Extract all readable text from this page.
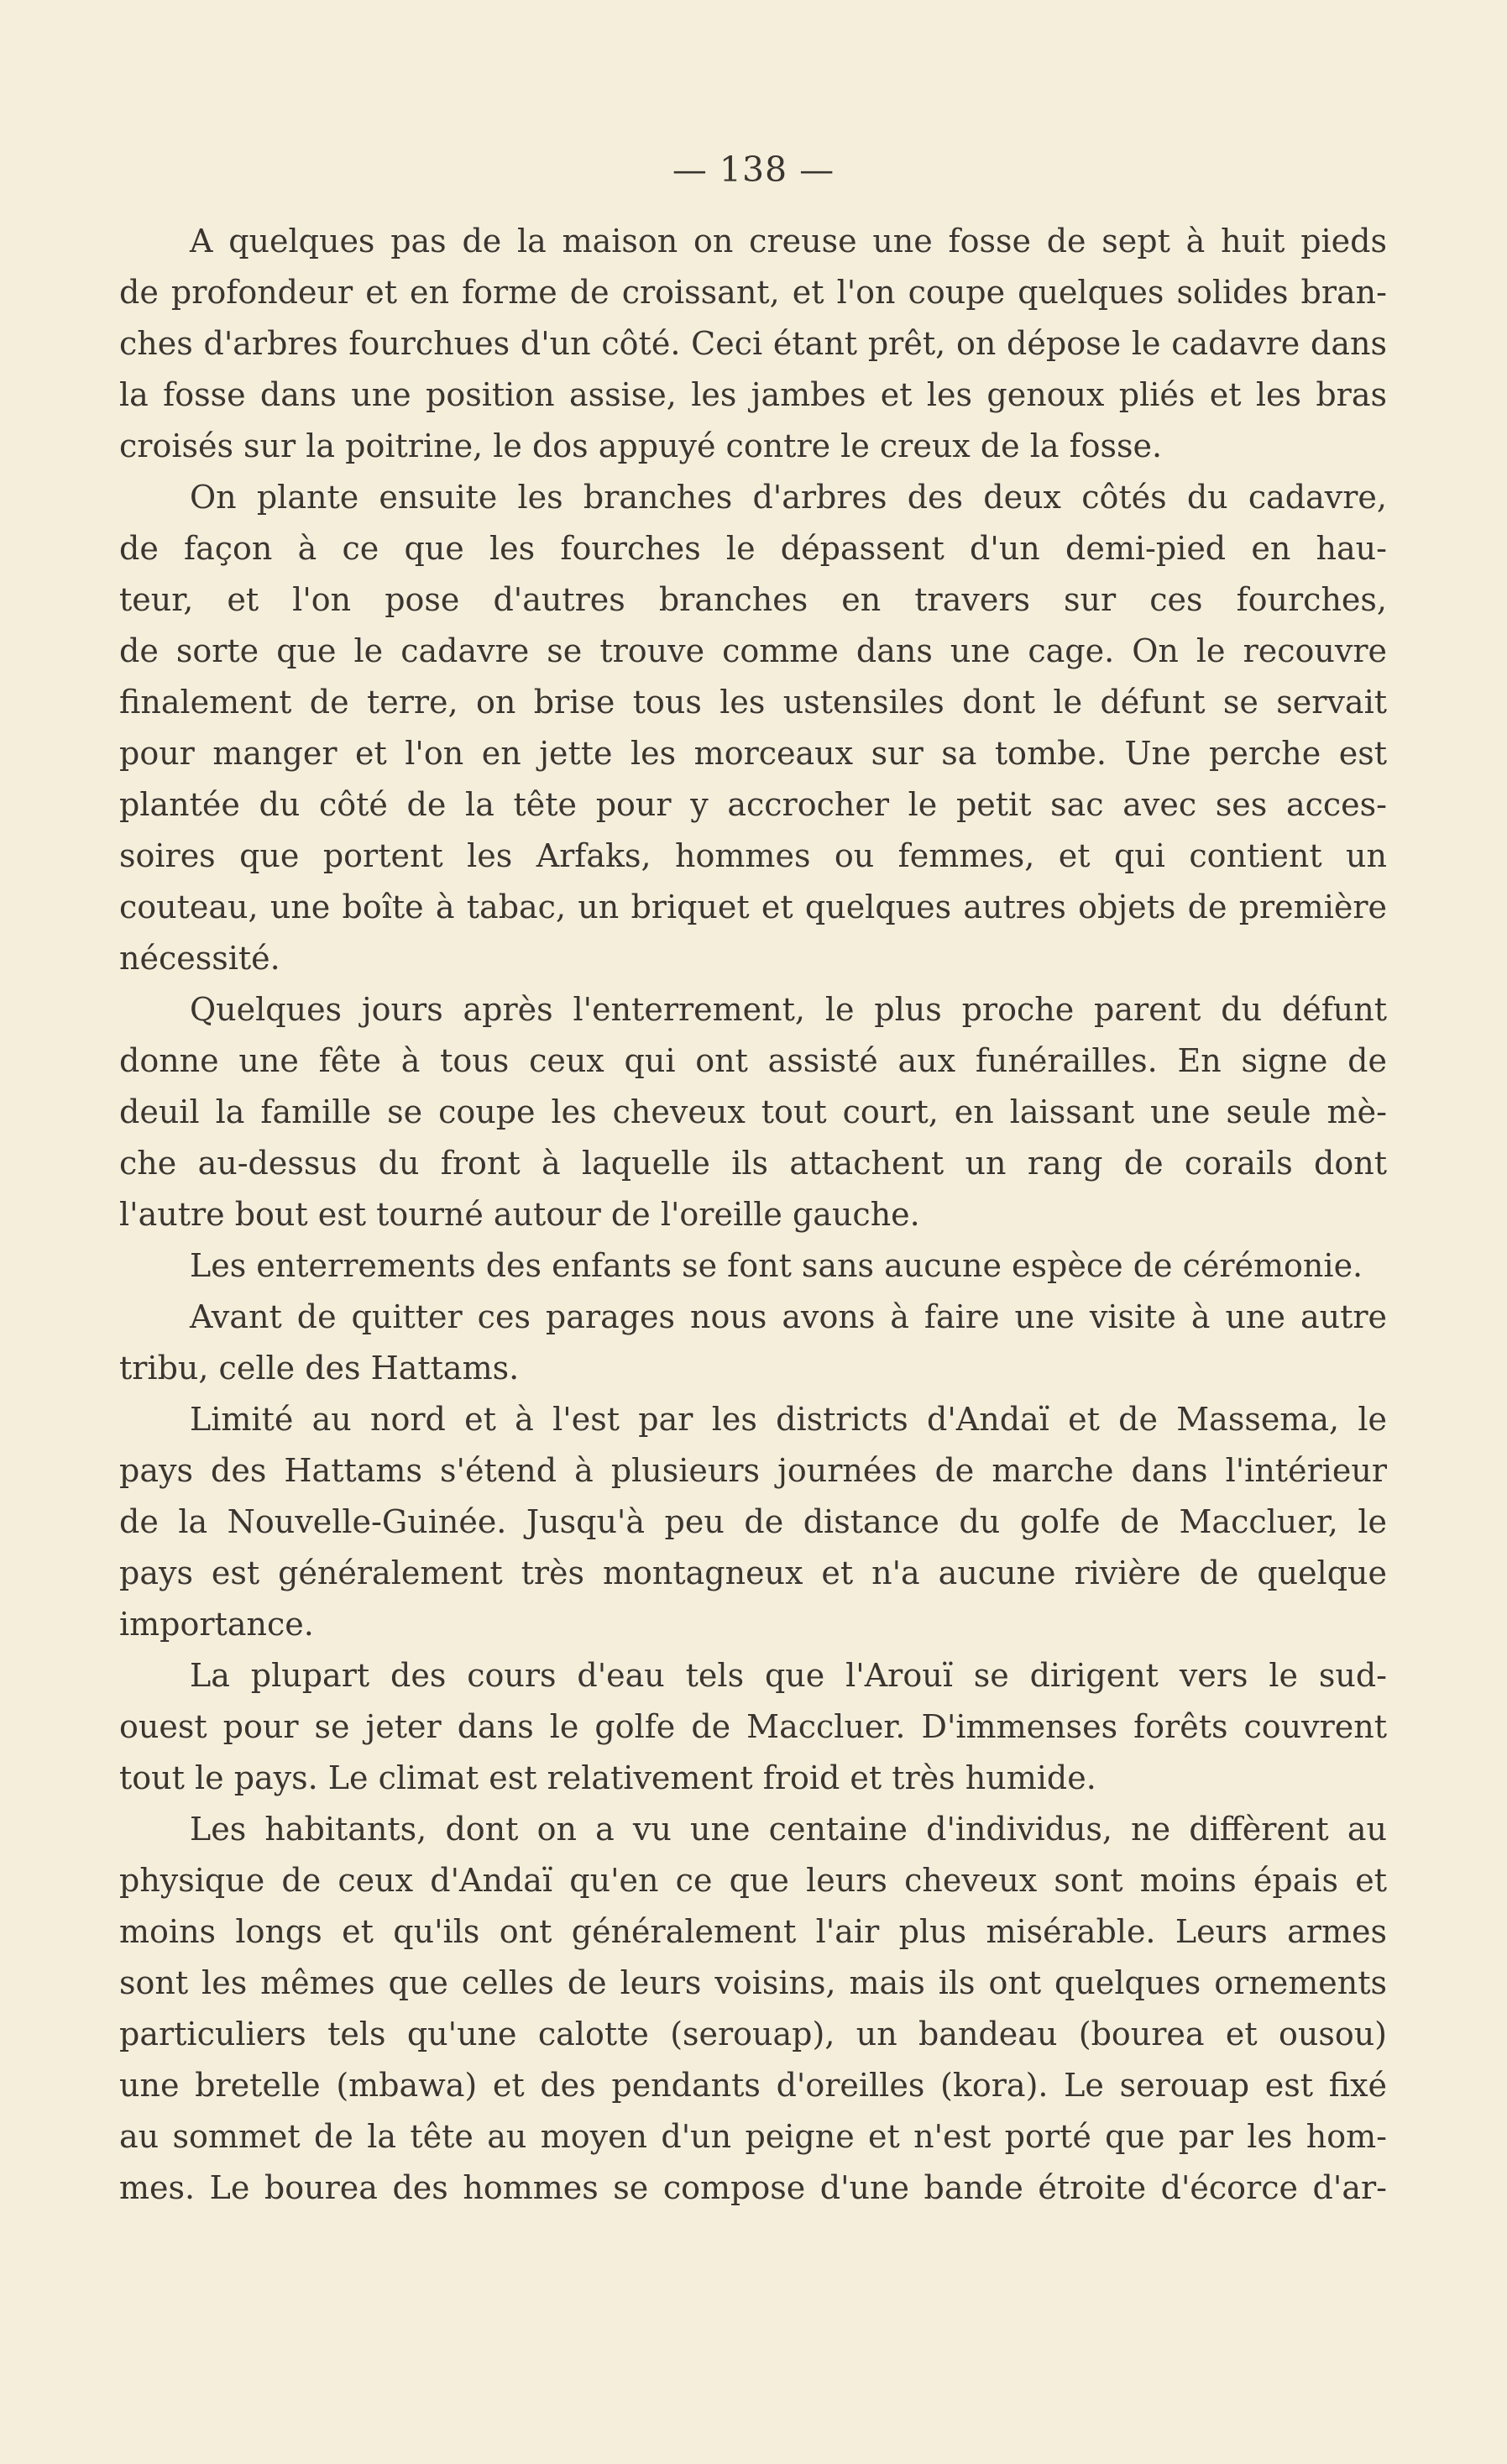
— 138 —
A quelques pas de la maison on creuse une fosse de sept à huit pieds
de profondeur et en forme de croissant, et l'on coupe quelques solides bran-
ches d'arbres fourchues d'un côté. Ceci étant prêt, on dépose le cadavre dans
la fosse dans une position assise, les jambes et les genoux pliés et les bras
croisés sur la poitrine, le dos appuyé contre le creux de la fosse.
On plante ensuite les branches d'arbres des deux côtés du cadavre,
de façon à ce que les fourches le dépassent d'un demi-pied en hau-
teur, et l'on pose d'autres branches en travers sur ces fourches,
de sorte que le cadavre se trouve comme dans une cage. On le recouvre
finalement de terre, on brise tous les ustensiles dont le défunt se servait
pour manger et l'on en jette les morceaux sur sa tombe. Une perche est
plantée du côté de la tête pour y accrocher le petit sac avec ses acces-
soires que portent les Arfaks, hommes ou femmes, et qui contient un
couteau, une boîte à tabac, un briquet et quelques autres objets de première
nécessité.
Quelques jours après l'enterrement, le plus proche parent du défunt
donne une fête à tous ceux qui ont assisté aux funérailles. En signe de
deuil la famille se coupe les cheveux tout court, en laissant une seule mè-
che au-dessus du front à laquelle ils attachent un rang de corails dont
l'autre bout est tourné autour de l'oreille gauche.
Les enterrements des enfants se font sans aucune espèce de cérémonie.
Avant de quitter ces parages nous avons à faire une visite à une autre
tribu, celle des Hattams.
Limité au nord et à l'est par les districts d'Andaï et de Massema, le
pays des Hattams s'étend à plusieurs journées de marche dans l'intérieur
de la Nouvelle-Guinée. Jusqu'à peu de distance du golfe de Maccluer, le
pays est généralement très montagneux et n'a aucune rivière de quelque
importance.
La plupart des cours d'eau tels que l'Arouï se dirigent vers le sud-
ouest pour se jeter dans le golfe de Maccluer. D'immenses forêts couvrent
tout le pays. Le climat est relativement froid et très humide.
Les habitants, dont on a vu une centaine d'individus, ne diffèrent au
physique de ceux d'Andaï qu'en ce que leurs cheveux sont moins épais et
moins longs et qu'ils ont généralement l'air plus misérable. Leurs armes
sont les mêmes que celles de leurs voisins, mais ils ont quelques ornements
particuliers tels qu'une calotte (serouap), un bandeau (bourea et ousou)
une bretelle (mbawa) et des pendants d'oreilles (kora). Le serouap est fixé
au sommet de la tête au moyen d'un peigne et n'est porté que par les hom-
mes. Le bourea des hommes se compose d'une bande étroite d'écorce d'ar-
